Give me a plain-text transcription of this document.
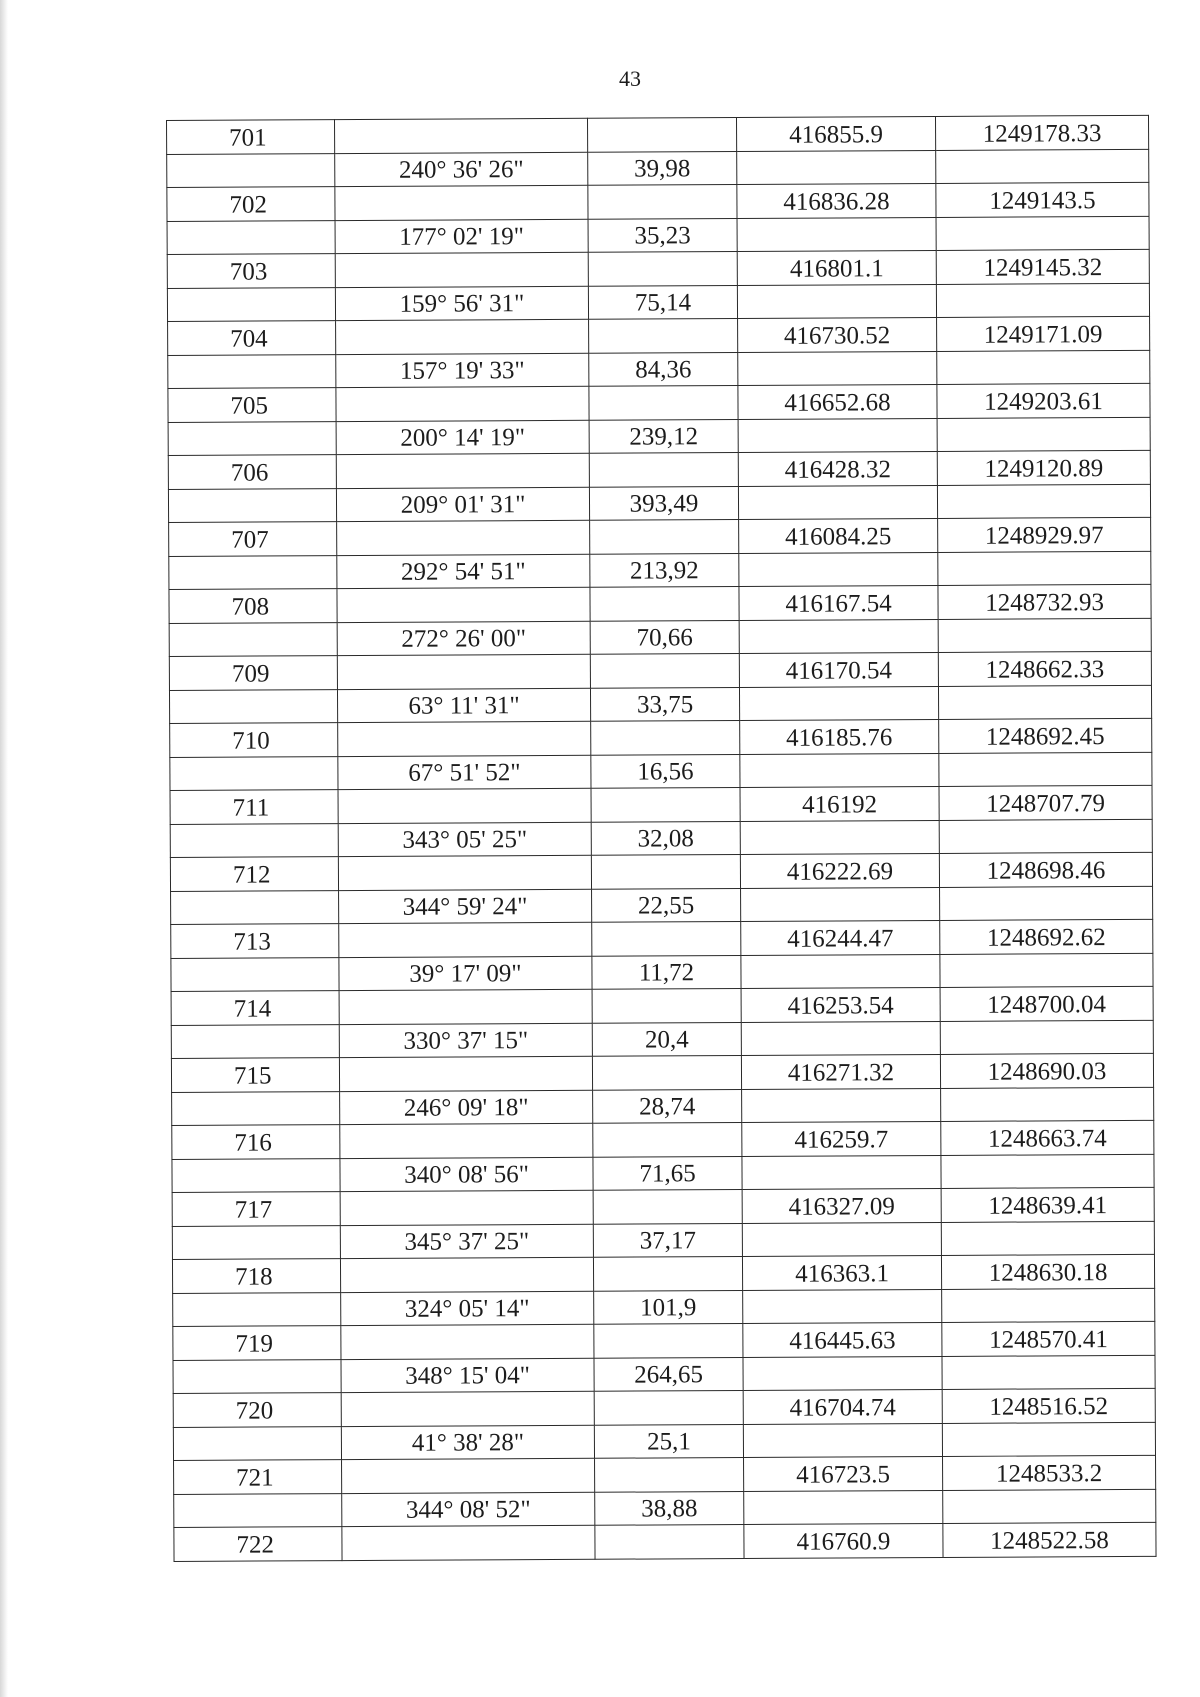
43
701			416855.9	1249178.33
	240° 36' 26"	39,98		
702			416836.28	1249143.5
	177° 02' 19"	35,23		
703			416801.1	1249145.32
	159° 56' 31"	75,14		
704			416730.52	1249171.09
	157° 19' 33"	84,36		
705			416652.68	1249203.61
	200° 14' 19"	239,12		
706			416428.32	1249120.89
	209° 01' 31"	393,49		
707			416084.25	1248929.97
	292° 54' 51"	213,92		
708			416167.54	1248732.93
	272° 26' 00"	70,66		
709			416170.54	1248662.33
	63° 11' 31"	33,75		
710			416185.76	1248692.45
	67° 51' 52"	16,56		
711			416192	1248707.79
	343° 05' 25"	32,08		
712			416222.69	1248698.46
	344° 59' 24"	22,55		
713			416244.47	1248692.62
	39° 17' 09"	11,72		
714			416253.54	1248700.04
	330° 37' 15"	20,4		
715			416271.32	1248690.03
	246° 09' 18"	28,74		
716			416259.7	1248663.74
	340° 08' 56"	71,65		
717			416327.09	1248639.41
	345° 37' 25"	37,17		
718			416363.1	1248630.18
	324° 05' 14"	101,9		
719			416445.63	1248570.41
	348° 15' 04"	264,65		
720			416704.74	1248516.52
	41° 38' 28"	25,1		
721			416723.5	1248533.2
	344° 08' 52"	38,88		
722			416760.9	1248522.58
